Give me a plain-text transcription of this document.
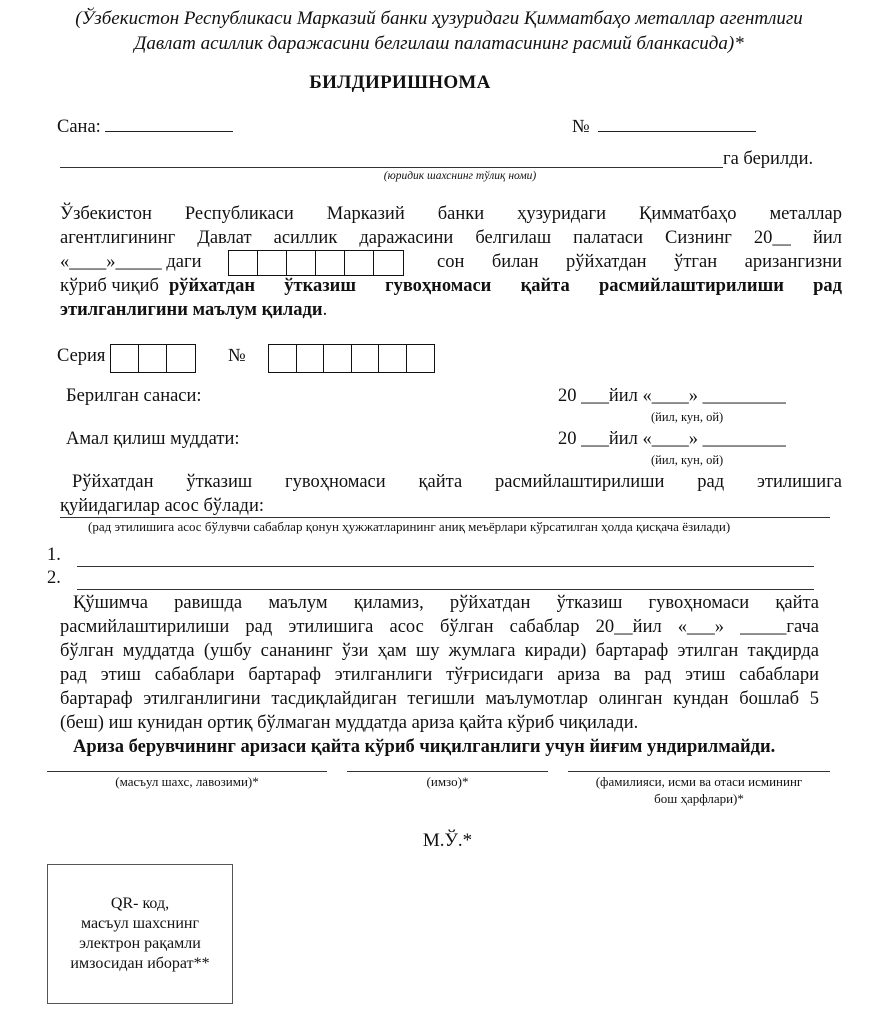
(Ўзбекистон Республикаси Марказий банки ҳузуридаги Қимматбаҳо металлар агентлиги
Давлат асиллик даражасини белгилаш палатасининг расмий бланкасида)*
БИЛДИРИШНОМА
Сана:	№
га берилди.
(юридик шахснинг тўлиқ номи)
Ўзбекистон Республикаси Марказий банки ҳузуридаги Қимматбаҳо металлар
агентлигининг Давлат асиллик даражасини белгилаш палатаси Сизнинг 20__ йил
«____»_____ даги	сон билан рўйхатдан ўтган аризангизни
кўриб чиқиб рўйхатдан ўтказиш гувоҳномаси қайта расмийлаштирилиши рад
этилганлигини маълум қилади.
Серия	№
Берилган санаси:	20 ___йил «____» _________
(йил, кун, ой)
Амал қилиш муддати:	20 ___йил «____» _________
(йил, кун, ой)
Рўйхатдан ўтказиш гувоҳномаси қайта расмийлаштирилиши рад этилишига
қуйидагилар асос бўлади:
(рад этилишига асос бўлувчи сабаблар қонун ҳужжатларининг аниқ меъёрлари кўрсатилган ҳолда қисқача ёзилади)
1.
2.
Қўшимча равишда маълум қиламиз, рўйхатдан ўтказиш гувоҳномаси қайта
расмийлаштирилиши рад этилишига асос бўлган сабаблар 20__йил «___» _____гача
бўлган муддатда (ушбу сананинг ўзи ҳам шу жумлага киради) бартараф этилган тақдирда
рад этиш сабаблари бартараф этилганлиги тўғрисидаги ариза ва рад этиш сабаблари
бартараф этилганлигини тасдиқлайдиган тегишли маълумотлар олинган кундан бошлаб 5
(беш) иш кунидан ортиқ бўлмаган муддатда ариза қайта кўриб чиқилади.
Ариза берувчининг аризаси қайта кўриб чиқилганлиги учун йиғим ундирилмайди.
(масъул шахс, лавозими)*	(имзо)*	(фамилияси, исми ва отаси исмининг
бош ҳарфлари)*
М.Ў.*
QR- код,
масъул шахснинг
электрон рақамли
имзосидан иборат**
